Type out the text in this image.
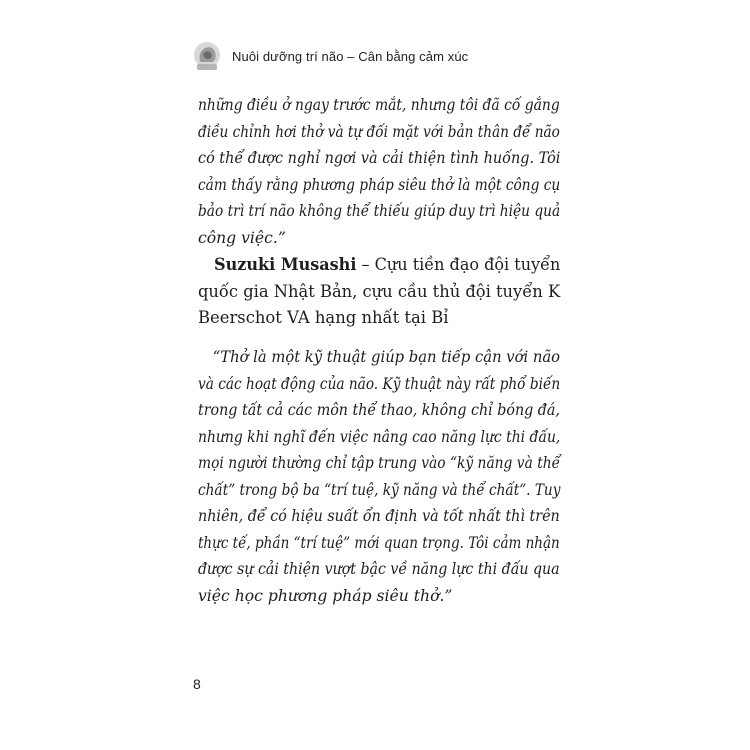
Nuôi dưỡng trí não – Cân bằng cảm xúc
những điều ở ngay trước mắt, nhưng tôi đã cố gắng
điều chỉnh hơi thở và tự đối mặt với bản thân để não
có thể được nghỉ ngơi và cải thiện tình huống. Tôi
cảm thấy rằng phương pháp siêu thở là một công cụ
bảo trì trí não không thể thiếu giúp duy trì hiệu quả
công việc.”
 Suzuki Musashi – Cựu tiền đạo đội tuyển
quốc gia Nhật Bản, cựu cầu thủ đội tuyển K
Beerschot VA hạng nhất tại Bỉ
 “Thở là một kỹ thuật giúp bạn tiếp cận với não
và các hoạt động của não. Kỹ thuật này rất phổ biến
trong tất cả các môn thể thao, không chỉ bóng đá,
nhưng khi nghĩ đến việc nâng cao năng lực thi đấu,
mọi người thường chỉ tập trung vào “kỹ năng và thể
chất” trong bộ ba “trí tuệ, kỹ năng và thể chất”. Tuy
nhiên, để có hiệu suất ổn định và tốt nhất thì trên
thực tế, phần “trí tuệ” mới quan trọng. Tôi cảm nhận
được sự cải thiện vượt bậc về năng lực thi đấu qua
việc học phương pháp siêu thở.”
8
